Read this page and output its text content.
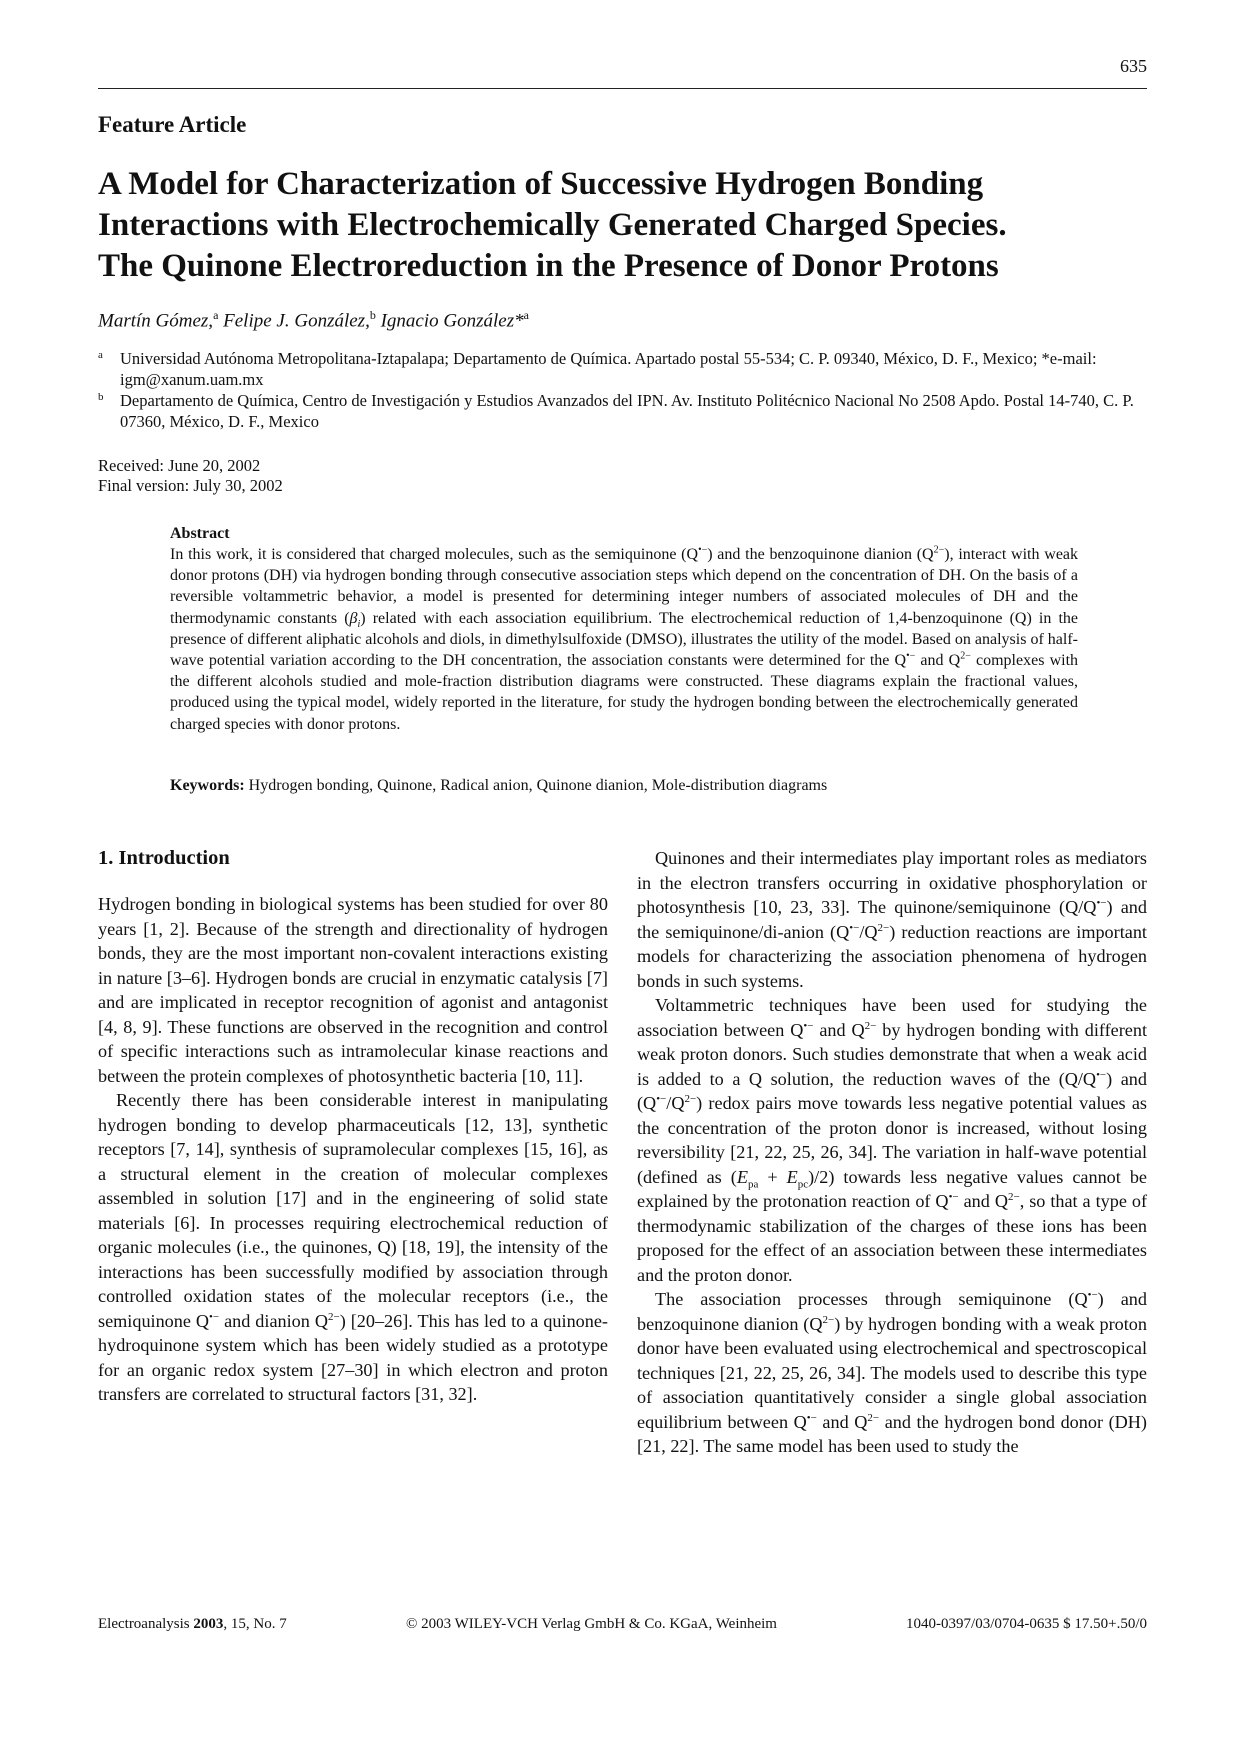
635
Feature Article
A Model for Characterization of Successive Hydrogen Bonding
Interactions with Electrochemically Generated Charged Species.
The Quinone Electroreduction in the Presence of Donor Protons
Martín Gómez,$^a$ Felipe J. González,$^b$ Ignacio González*$^a$
a Universidad Autónoma Metropolitana-Iztapalapa; Departamento de Química. Apartado postal 55-534; C. P. 09340, México, D. F., Mexico; *e-mail: igm@xanum.uam.mx
b Departamento de Química, Centro de Investigación y Estudios Avanzados del IPN. Av. Instituto Politécnico Nacional No 2508 Apdo. Postal 14-740, C. P. 07360, México, D. F., Mexico
Received: June 20, 2002
Final version: July 30, 2002
Abstract

In this work, it is considered that charged molecules, such as the semiquinone (Q•−) and the benzoquinone dianion $(Q^{2-})$, interact with weak donor protons (DH) via hydrogen bonding through consecutive association steps which depend on the concentration of DH. On the basis of a reversible voltammetric behavior, a model is presented for determining integer numbers of associated molecules of DH and the thermodynamic constants $(\beta_i)$ related with each association equilibrium. The electrochemical reduction of 1,4-benzoquinone (Q) in the presence of different aliphatic alcohols and diols, in dimethylsulfoxide (DMSO), illustrates the utility of the model. Based on analysis of half-wave potential variation according to the DH concentration, the association constants were determined for the Q•− and $Q^{2-}$ complexes with the different alcohols studied and mole-fraction distribution diagrams were constructed. These diagrams explain the fractional values, produced using the typical model, widely reported in the literature, for study the hydrogen bonding between the electrochemically generated charged species with donor protons.

Keywords: Hydrogen bonding, Quinone, Radical anion, Quinone dianion, Mole-distribution diagrams
1. Introduction

Hydrogen bonding in biological systems has been studied for over 80 years [1, 2]. Because of the strength and directionality of hydrogen bonds, they are the most important non-covalent interactions existing in nature [3–6]. Hydrogen bonds are crucial in enzymatic catalysis [7] and are implicated in receptor recognition of agonist and antagonist [4, 8, 9]. These functions are observed in the recognition and control of specific interactions such as intramolecular kinase reactions and between the protein complexes of photosynthetic bacteria [10, 11].

Recently there has been considerable interest in manipulating hydrogen bonding to develop pharmaceuticals [12, 13], synthetic receptors [7, 14], synthesis of supramolecular complexes [15, 16], as a structural element in the creation of molecular complexes assembled in solution [17] and in the engineering of solid state materials [6]. In processes requiring electrochemical reduction of organic molecules (i.e., the quinones, Q) [18, 19], the intensity of the interactions has been successfully modified by association through controlled oxidation states of the molecular receptors (i.e., the semiquinone Q•− and dianion $Q^{2-}$) [20–26]. This has led to a quinone-hydroquinone system which has been widely studied as a prototype for an organic redox system [27–30] in which electron and proton transfers are correlated to structural factors [31, 32].

Quinones and their intermediates play important roles as mediators in the electron transfers occurring in oxidative phosphorylation or photosynthesis [10, 23, 33]. The quinone/semiquinone (Q/Q•−) and the semiquinone/di-anion $(Q^{•-}/Q^{2-})$ reduction reactions are important models for characterizing the association phenomena of hydrogen bonds in such systems.

Voltammetric techniques have been used for studying the association between Q•− and $Q^{2-}$ by hydrogen bonding with different weak proton donors. Such studies demonstrate that when a weak acid is added to a Q solution, the reduction waves of the (Q/Q•−) and $(Q^{•-}/Q^{2-})$ redox pairs move towards less negative potential values as the concentration of the proton donor is increased, without losing reversibility [21, 22, 25, 26, 34]. The variation in half-wave potential (defined as $(E_{pa} + E_{pc})/2$) towards less negative values cannot be explained by the protonation reaction of Q•− and $Q^{2-}$, so that a type of thermodynamic stabilization of the charges of these ions has been proposed for the effect of an association between these intermediates and the proton donor.

The association processes through semiquinone (Q•−) and benzoquinone dianion $(Q^{2-})$ by hydrogen bonding with a weak proton donor have been evaluated using electrochemical and spectroscopical techniques [21, 22, 25, 26, 34]. The models used to describe this type of association quantitatively consider a single global association equilibrium between Q•− and $Q^{2-}$ and the hydrogen bond donor (DH) [21, 22]. The same model has been used to study the

Electroanalysis 2003, 15, No. 7	© 2003 WILEY-VCH Verlag GmbH & Co. KGaA, Weinheim	1040-0397/03/0704-0635 $ 17.50+.50/0
